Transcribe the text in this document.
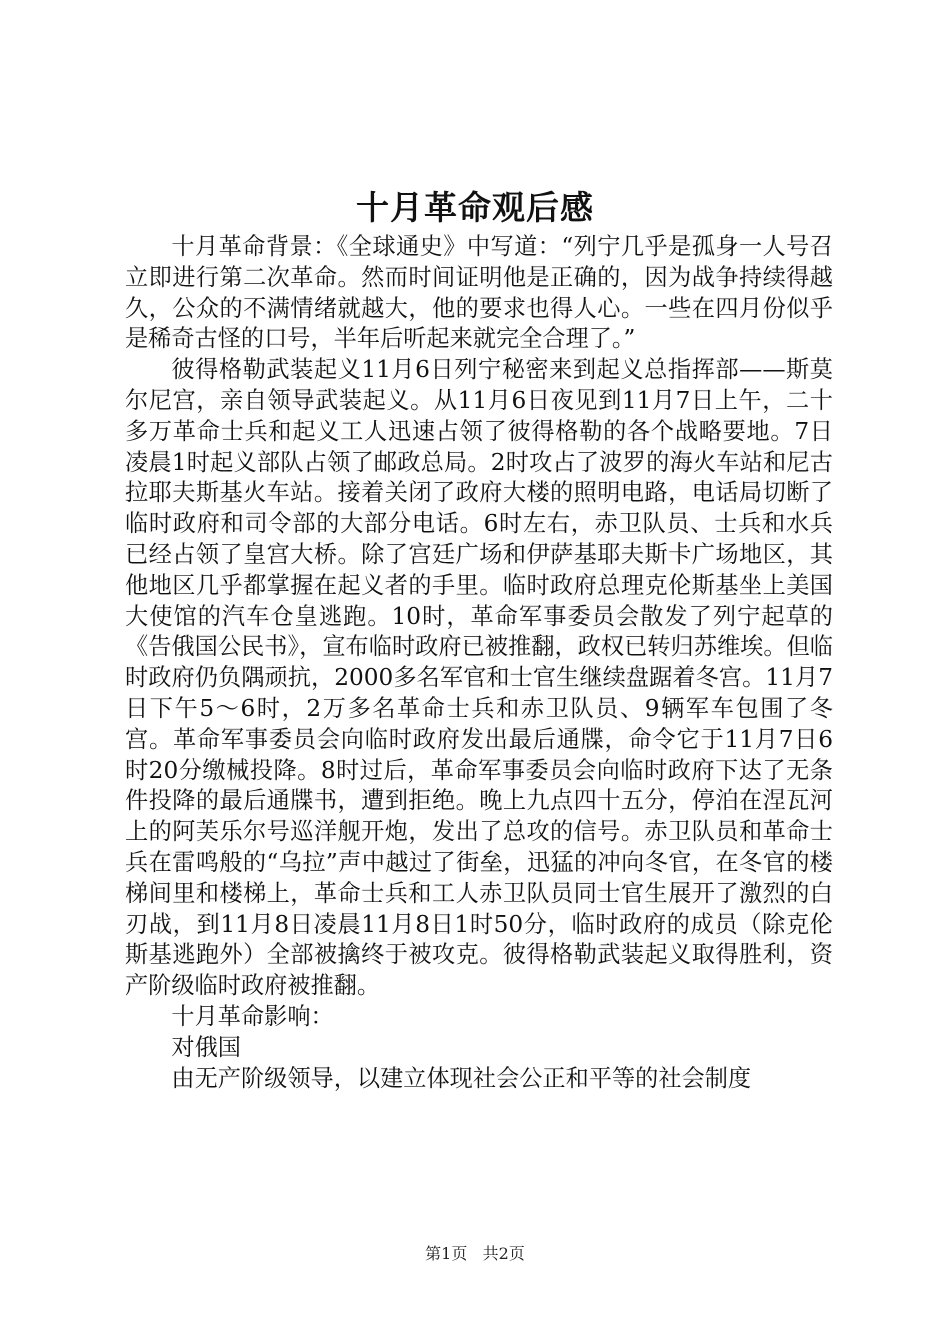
十月革命观后感

十月革命背景：《全球通史》中写道：“列宁几乎是孤身一人号召立即进行第二次革命。然而时间证明他是正确的，因为战争持续得越久，公众的不满情绪就越大，他的要求也得人心。一些在四月份似乎是稀奇古怪的口号，半年后听起来就完全合理了。”

彼得格勒武装起义11月6日列宁秘密来到起义总指挥部——斯莫尔尼宫，亲自领导武装起义。从11月6日夜见到11月7日上午，二十多万革命士兵和起义工人迅速占领了彼得格勒的各个战略要地。7日凌晨1时起义部队占领了邮政总局。2时攻占了波罗的海火车站和尼古拉耶夫斯基火车站。接着关闭了政府大楼的照明电路，电话局切断了临时政府和司令部的大部分电话。6时左右，赤卫队员、士兵和水兵已经占领了皇宫大桥。除了宫廷广场和伊萨基耶夫斯卡广场地区，其他地区几乎都掌握在起义者的手里。临时政府总理克伦斯基坐上美国大使馆的汽车仓皇逃跑。10时，革命军事委员会散发了列宁起草的《告俄国公民书》，宣布临时政府已被推翻，政权已转归苏维埃。但临时政府仍负隅顽抗，2000多名军官和士官生继续盘踞着冬宫。11月7日下午5～6时，2万多名革命士兵和赤卫队员、9辆军车包围了冬宫。革命军事委员会向临时政府发出最后通牒，命令它于11月7日6时20分缴械投降。8时过后，革命军事委员会向临时政府下达了无条件投降的最后通牒书，遭到拒绝。晚上九点四十五分，停泊在涅瓦河上的阿芙乐尔号巡洋舰开炮，发出了总攻的信号。赤卫队员和革命士兵在雷鸣般的“乌拉”声中越过了街垒，迅猛的冲向冬官，在冬官的楼梯间里和楼梯上，革命士兵和工人赤卫队员同士官生展开了激烈的白刃战，到11月8日凌晨11月8日1时50分，临时政府的成员（除克伦斯基逃跑外）全部被擒终于被攻克。彼得格勒武装起义取得胜利，资产阶级临时政府被推翻。

十月革命影响：

对俄国

由无产阶级领导，以建立体现社会公正和平等的社会制度

第1页 共2页
